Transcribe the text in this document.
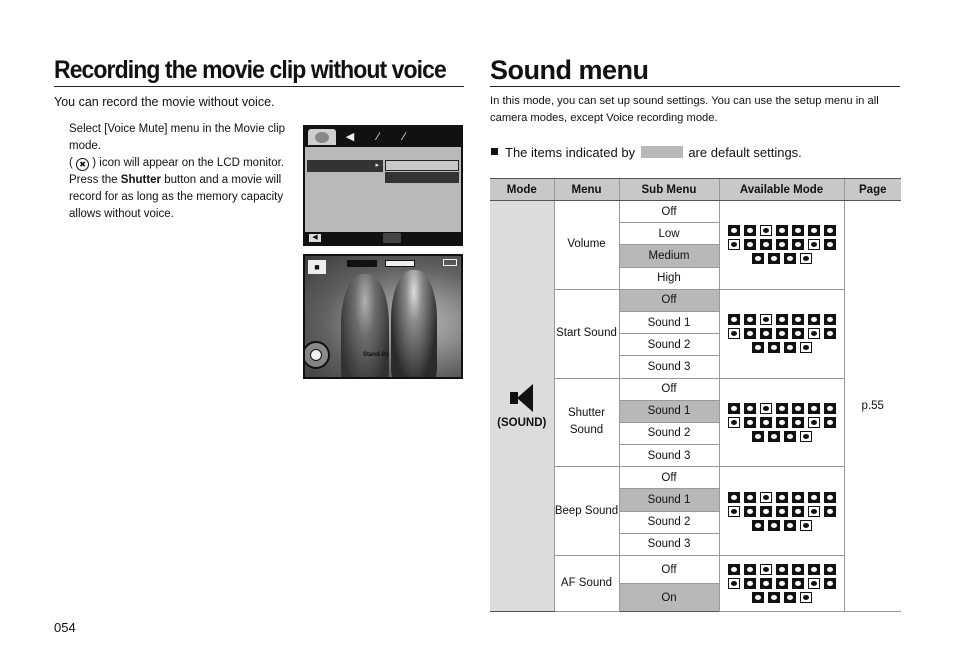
Recording the movie clip without voice
You can record the movie without voice.
Select [Voice Mute] menu in the Movie clip mode.
( ✖ ) icon will appear on the LCD monitor. Press the Shutter button and a movie will record for as long as the memory capacity allows without voice.
◀	∕	∕
▸
◀
■
Stand-By
054
Sound menu
In this mode, you can set up sound settings. You can use the setup menu in all camera modes, except Voice recording mode.
The items indicated by	are default settings.
Mode	Menu	Sub Menu	Available Mode	Page

(SOUND)	Volume	Off		p.55
		Low		
		Medium		
		High		
	Start Sound	Off		

		Sound 1		
		Sound 2		
		Sound 3		
	Shutter Sound	Off		

		Sound 1		
		Sound 2		
		Sound 3		
	Beep Sound	Off		

		Sound 1		
		Sound 2		
		Sound 3		
	AF Sound	Off		

		On		
